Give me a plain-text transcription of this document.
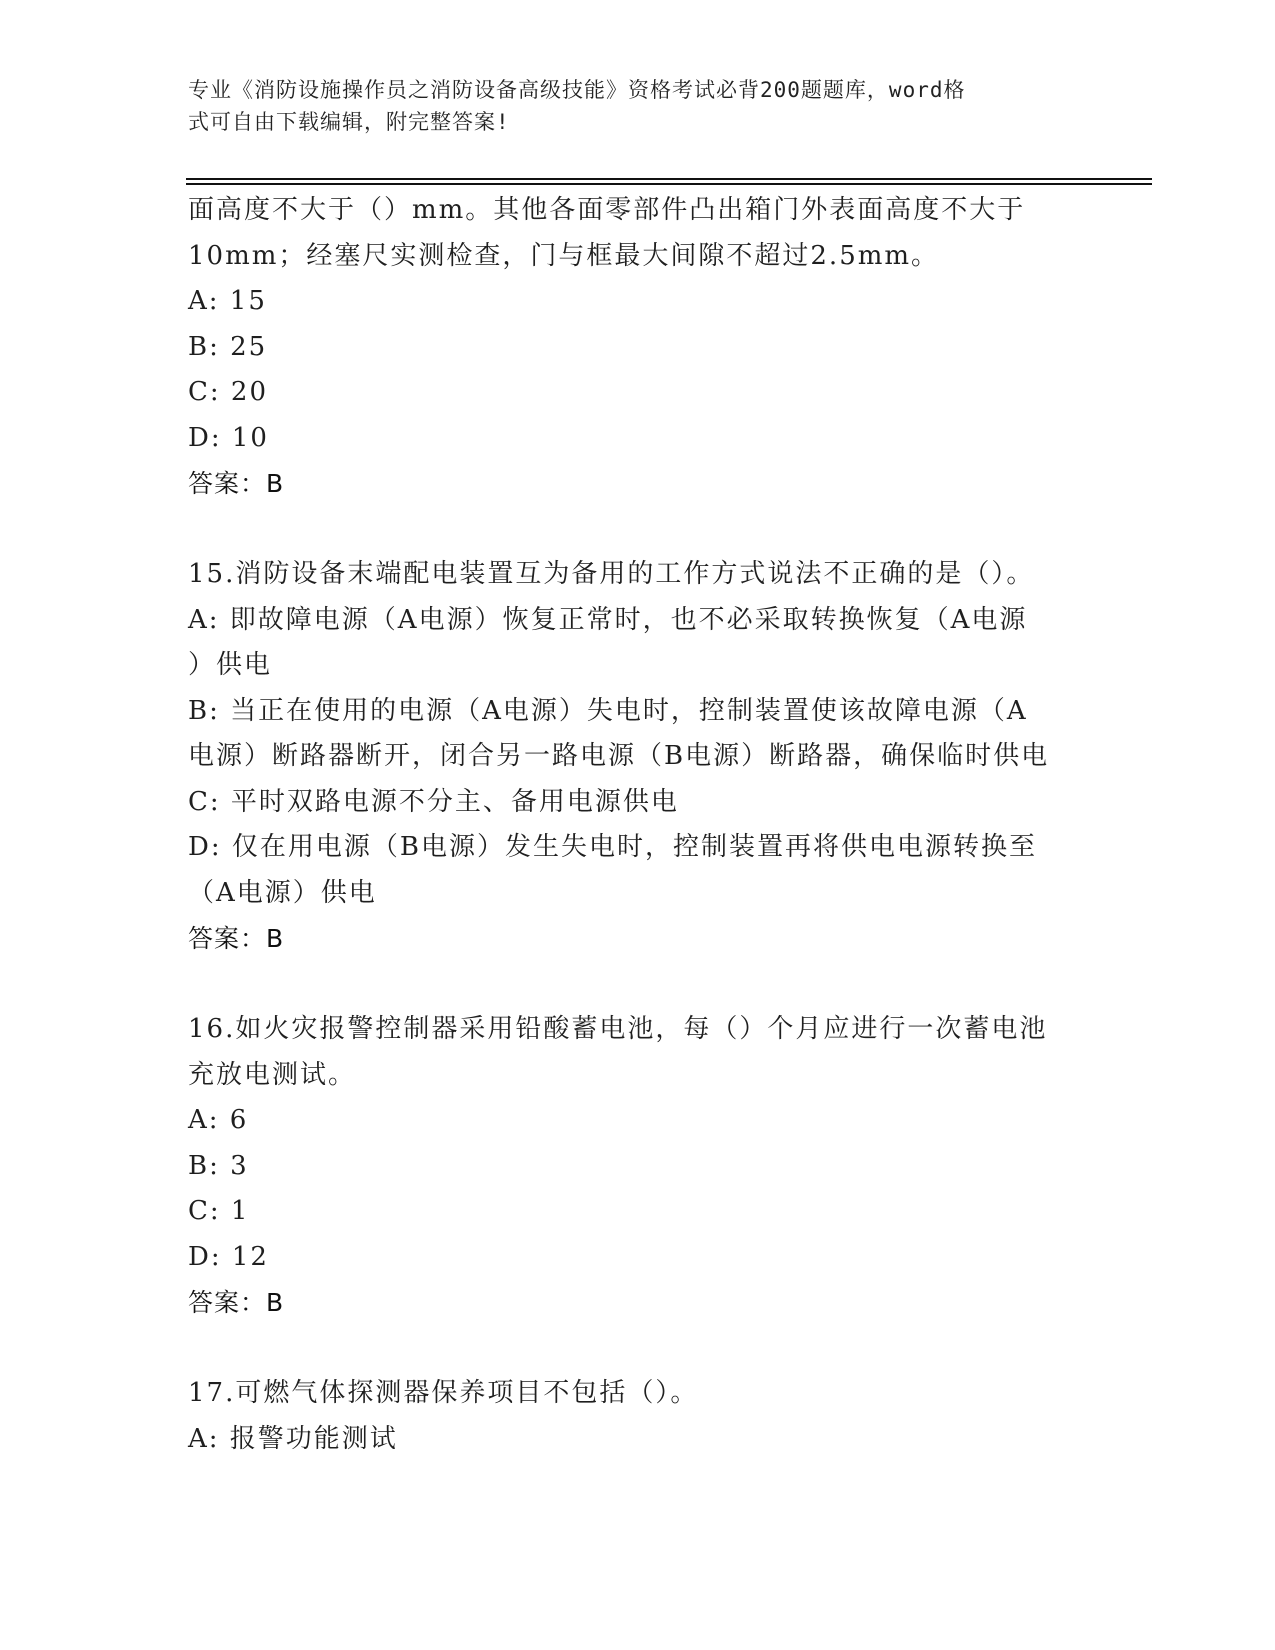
专业《消防设施操作员之消防设备高级技能》资格考试必背200题题库，word格
式可自由下载编辑，附完整答案!
面高度不大于（）mm。其他各面零部件凸出箱门外表面高度不大于
10mm；经塞尺实测检查，门与框最大间隙不超过2.5mm。
A: 15
B: 25
C: 20
D: 10
答案：B
15.消防设备末端配电装置互为备用的工作方式说法不正确的是（）。
A: 即故障电源（A电源）恢复正常时，也不必采取转换恢复（A电源
）供电
B: 当正在使用的电源（A电源）失电时，控制装置使该故障电源（A
电源）断路器断开，闭合另一路电源（B电源）断路器，确保临时供电
C: 平时双路电源不分主、备用电源供电
D: 仅在用电源（B电源）发生失电时，控制装置再将供电电源转换至
（A电源）供电
答案：B
16.如火灾报警控制器采用铅酸蓄电池，每（）个月应进行一次蓄电池
充放电测试。
A: 6
B: 3
C: 1
D: 12
答案：B
17.可燃气体探测器保养项目不包括（）。
A: 报警功能测试
